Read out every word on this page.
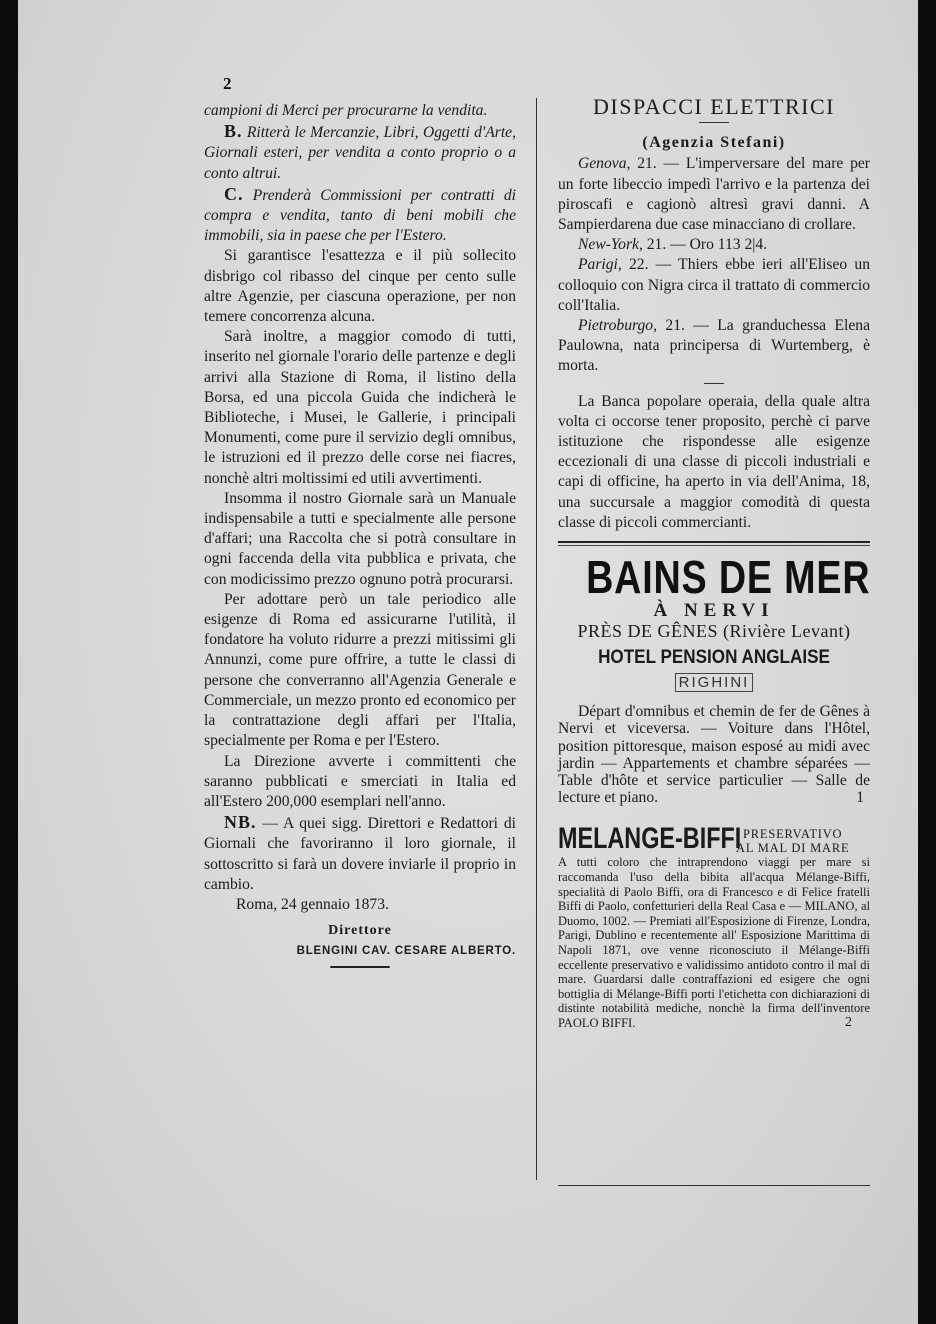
2

campioni di Merci per procurarne la vendita.

B. Ritterà le Mercanzie, Libri, Oggetti d'Arte, Giornali esteri, per vendita a conto proprio o a conto altrui.

C. Prenderà Commissioni per contratti di compra e vendita, tanto di beni mobili che immobili, sia in paese che per l'Estero.

Si garantisce l'esattezza e il più sollecito disbrigo col ribasso del cinque per cento sulle altre Agenzie, per ciascuna operazione, per non temere concorrenza alcuna.

Sarà inoltre, a maggior comodo di tutti, inserito nel giornale l'orario delle partenze e degli arrivi alla Stazione di Roma, il listino della Borsa, ed una piccola Guida che indicherà le Biblioteche, i Musei, le Gallerie, i principali Monumenti, come pure il servizio degli omnibus, le istruzioni ed il prezzo delle corse nei fiacres, nonchè altri moltissimi ed utili avvertimenti.

Insomma il nostro Giornale sarà un Manuale indispensabile a tutti e specialmente alle persone d'affari; una Raccolta che si potrà consultare in ogni faccenda della vita pubblica e privata, che con modicissimo prezzo ognuno potrà procurarsi.

Per adottare però un tale periodico alle esigenze di Roma ed assicurarne l'utilità, il fondatore ha voluto ridurre a prezzi mitissimi gli Annunzi, come pure offrire, a tutte le classi di persone che converranno all'Agenzia Generale e Commerciale, un mezzo pronto ed economico per la contrattazione degli affari per l'Italia, specialmente per Roma e per l'Estero.

La Direzione avverte i committenti che saranno pubblicati e smerciati in Italia ed all'Estero 200,000 esemplari nell'anno.

NB. — A quei sigg. Direttori e Redattori di Giornali che favoriranno il loro giornale, il sottoscritto si farà un dovere inviarle il proprio in cambio.

Roma, 24 gennaio 1873.

Direttore
BLENGINI CAV. CESARE ALBERTO.
DISPACCI ELETTRICI
(Agenzia Stefani)

Genova, 21. — L'imperversare del mare per un forte libeccio impedì l'arrivo e la partenza dei piroscafi e cagionò altresì gravi danni. A Sampierdarena due case minacciano di crollare.

New-York, 21. — Oro 113 2|4.

Parigi, 22. — Thiers ebbe ieri all'Eliseo un colloquio con Nigra circa il trattato di commercio coll'Italia.

Pietroburgo, 21. — La granduchessa Elena Paulowna, nata principersa di Wurtemberg, è morta.

La Banca popolare operaia, della quale altra volta ci occorse tener proposito, perchè ci parve istituzione che rispondesse alle esigenze eccezionali di una classe di piccoli industriali e capi di officine, ha aperto in via dell'Anima, 18, una succursale a maggior comodità di questa classe di piccoli commercianti.

BAINS DE MER
À NERVI
PRÈS DE GÊNES (Rivière Levant)
HOTEL PENSION ANGLAISE
RIGHINI

Départ d'omnibus et chemin de fer de Gênes à Nervi et viceversa. — Voiture dans l'Hôtel, position pittoresque, maison esposé au midi avec jardin — Appartements et chambre séparées — Table d'hôte et service particulier — Salle de lecture et piano.	1

MELANGE-BIFFI PRESERVATIVO
AL MAL DI MARE

A tutti coloro che intraprendono viaggi per mare si raccomanda l'uso della bibita all'acqua Mélange-Biffi, specialità di Paolo Biffi, ora di Francesco e di Felice fratelli Biffi di Paolo, confetturieri della Real Casa e — MILANO, al Duomo, 1002. — Premiati all'Esposizione di Firenze, Londra, Parigi, Dublino e recentemente all' Esposizione Marittima di Napoli 1871, ove venne riconosciuto il Mélange-Biffi eccellente preservativo e validissimo antidoto contro il mal di mare. Guardarsi dalle contraffazioni ed esigere che ogni bottiglia di Mélange-Biffi porti l'etichetta con dichiarazioni di distinte notabilità mediche, nonchè la firma dell'inventore PAOLO BIFFI.	2
